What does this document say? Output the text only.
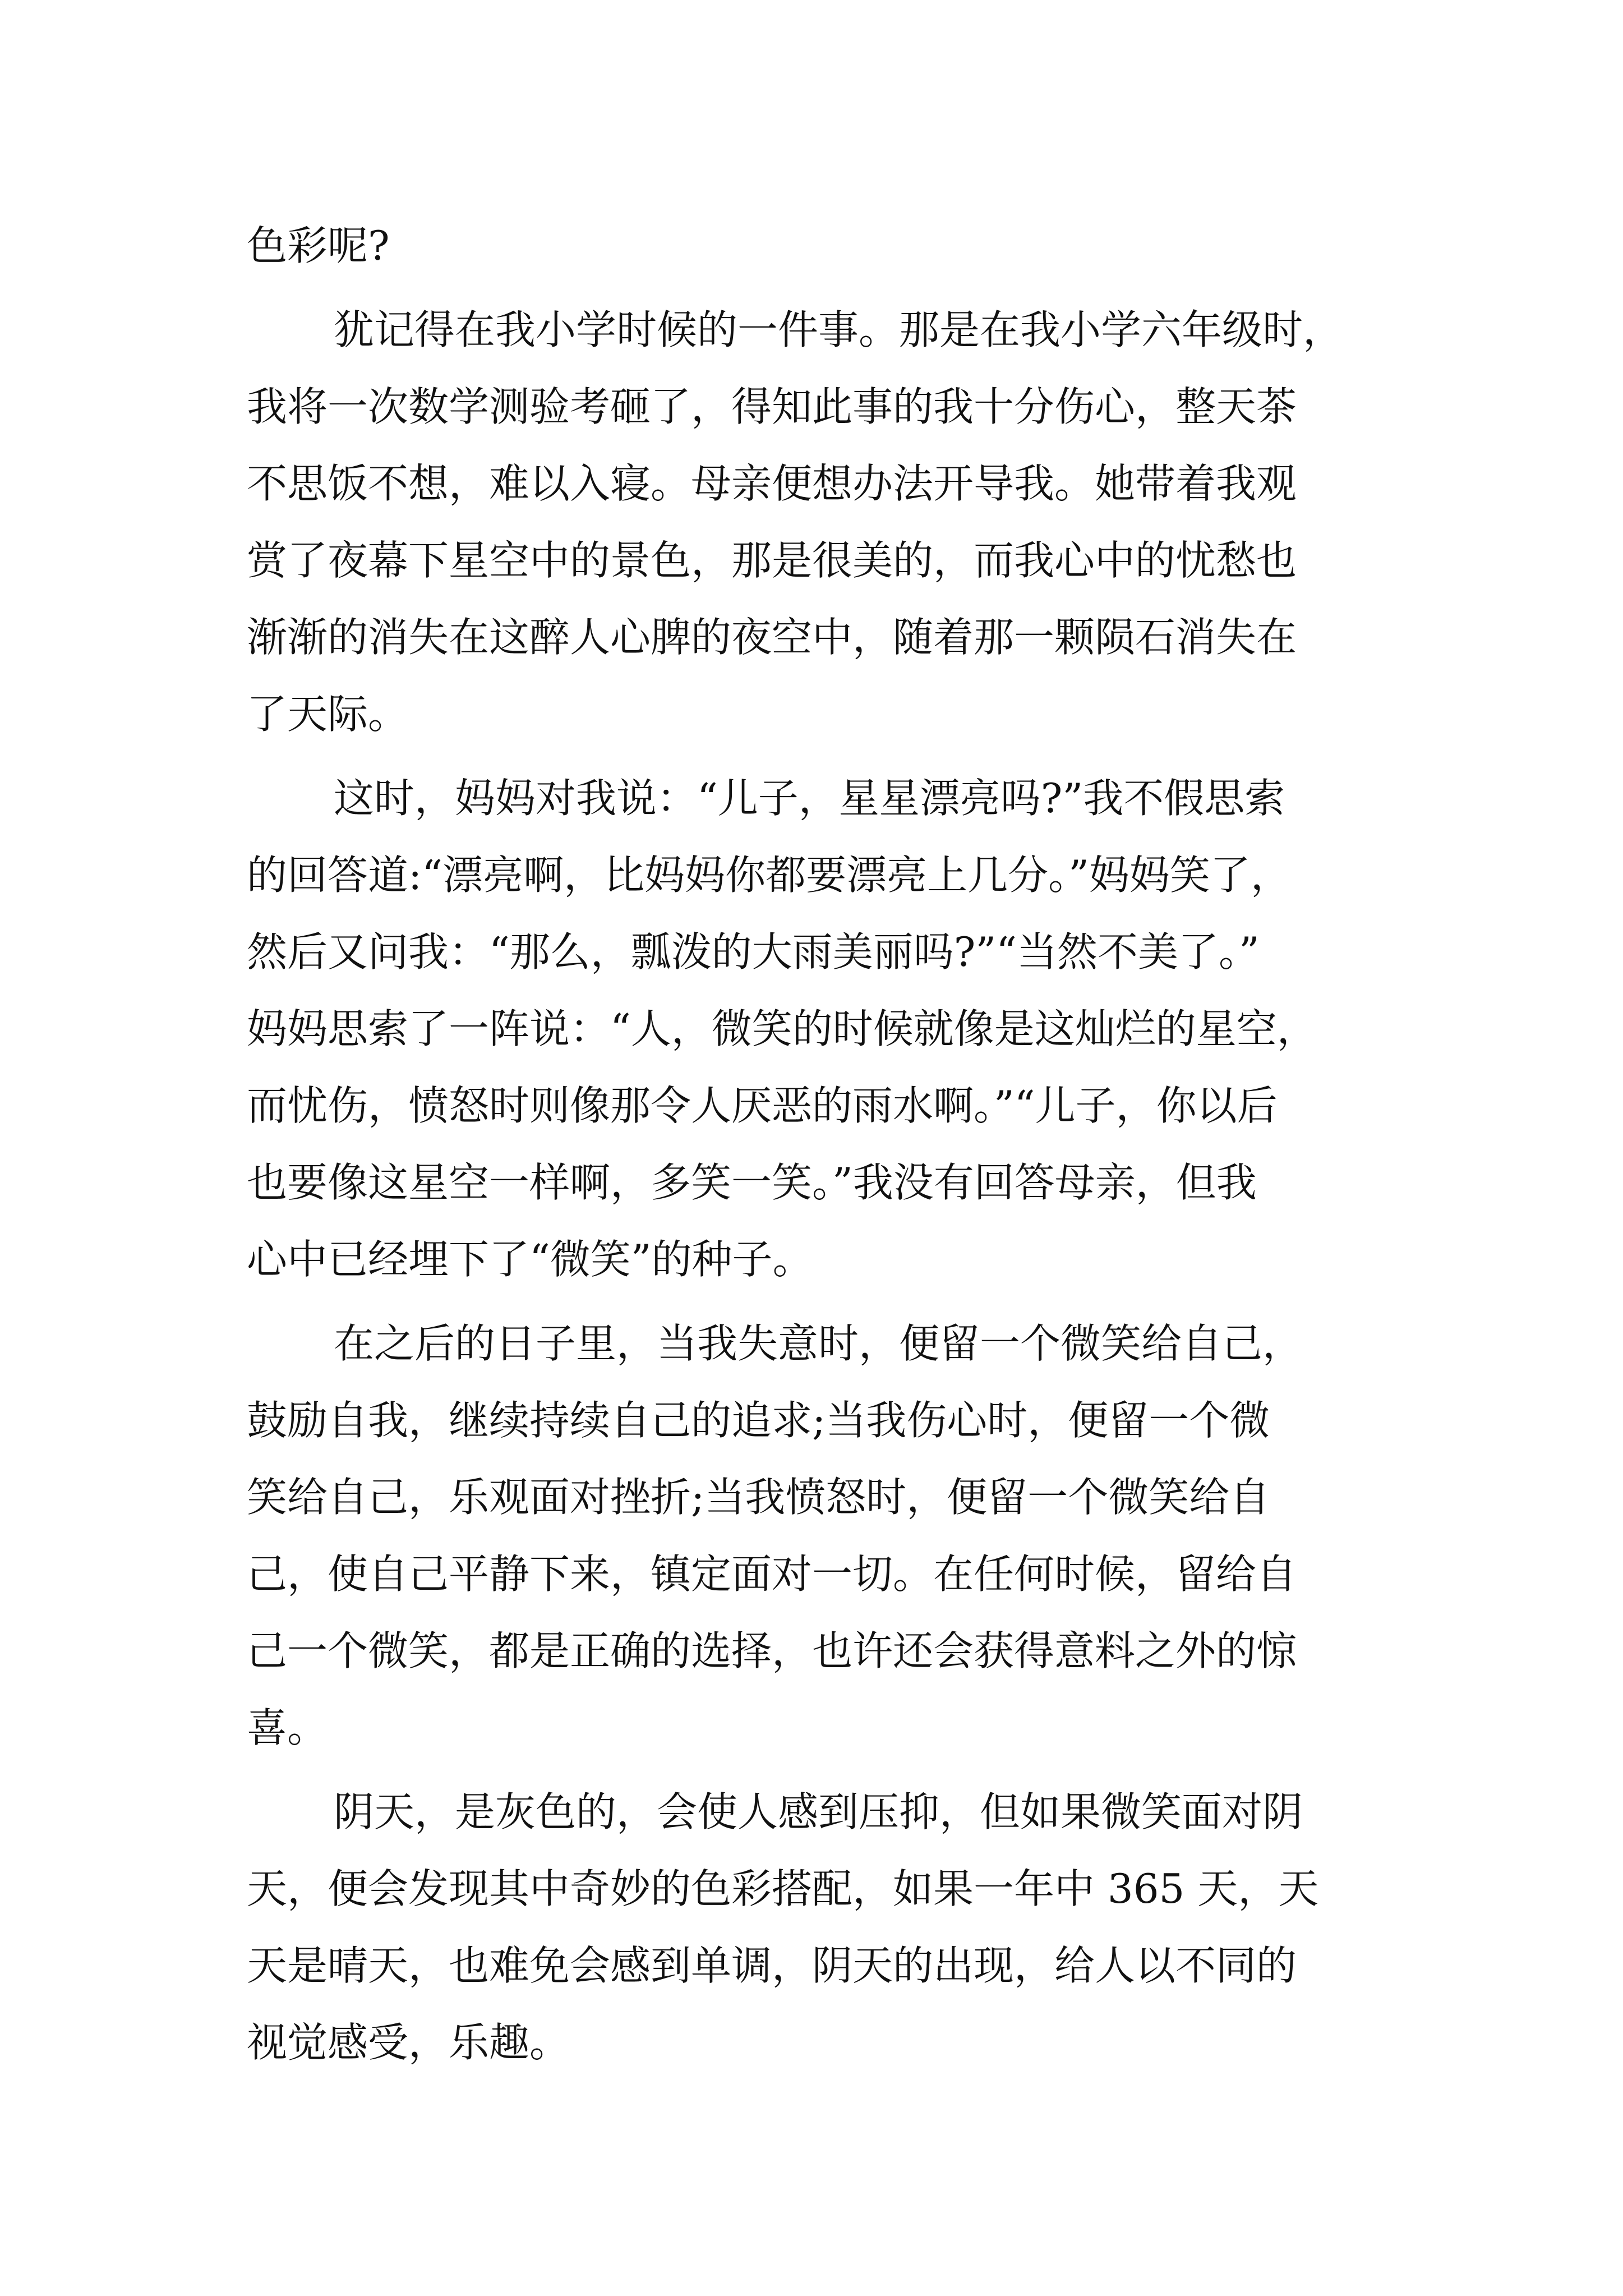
色彩呢?
犹记得在我小学时候的一件事。那是在我小学六年级时，
我将一次数学测验考砸了，得知此事的我十分伤心，整天茶
不思饭不想，难以入寝。母亲便想办法开导我。她带着我观
赏了夜幕下星空中的景色，那是很美的，而我心中的忧愁也
渐渐的消失在这醉人心脾的夜空中，随着那一颗陨石消失在
了天际。
这时，妈妈对我说：“儿子，星星漂亮吗?”我不假思索
的回答道:“漂亮啊，比妈妈你都要漂亮上几分。”妈妈笑了，
然后又问我：“那么，瓢泼的大雨美丽吗?”“当然不美了。”
妈妈思索了一阵说：“人，微笑的时候就像是这灿烂的星空，
而忧伤，愤怒时则像那令人厌恶的雨水啊。”“儿子，你以后
也要像这星空一样啊，多笑一笑。”我没有回答母亲，但我
心中已经埋下了“微笑”的种子。
在之后的日子里，当我失意时，便留一个微笑给自己，
鼓励自我，继续持续自己的追求;当我伤心时，便留一个微
笑给自己，乐观面对挫折;当我愤怒时，便留一个微笑给自
己，使自己平静下来，镇定面对一切。在任何时候，留给自
己一个微笑，都是正确的选择，也许还会获得意料之外的惊
喜。
阴天，是灰色的，会使人感到压抑，但如果微笑面对阴
天，便会发现其中奇妙的色彩搭配，如果一年中 365 天，天
天是晴天，也难免会感到单调，阴天的出现，给人以不同的
视觉感受，乐趣。
